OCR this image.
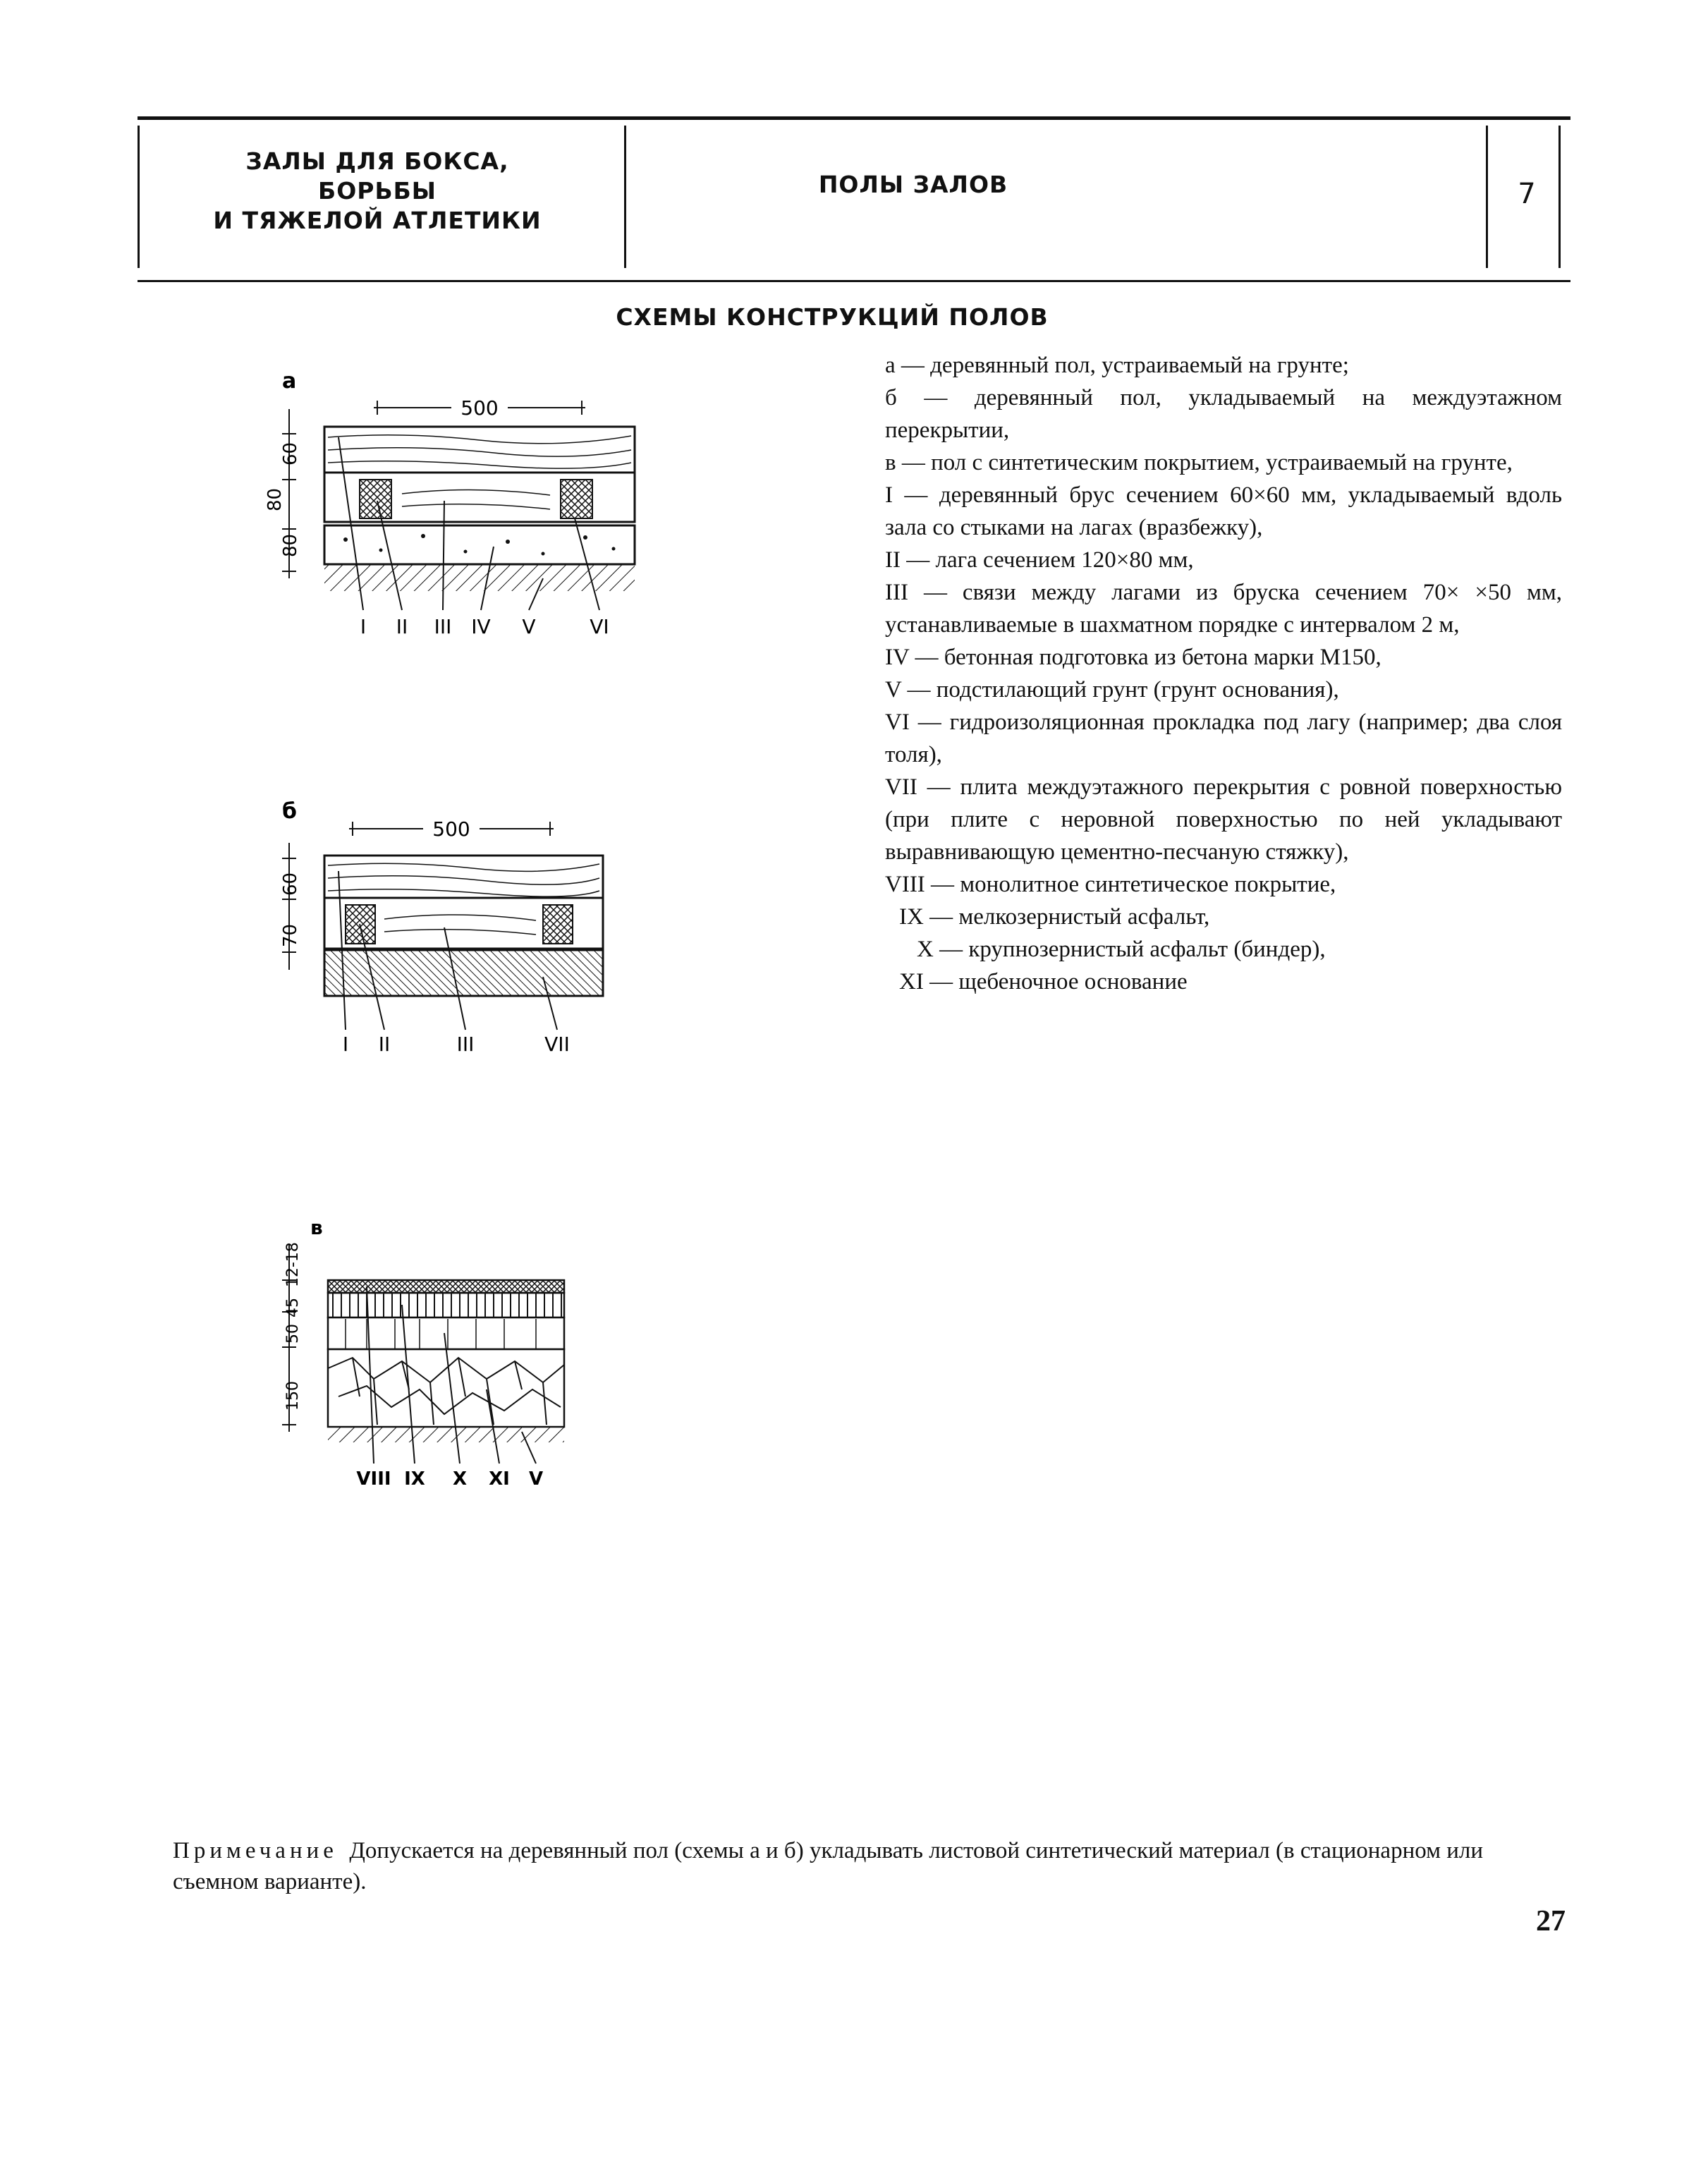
ЗАЛЫ ДЛЯ БОКСА,
БОРЬБЫ
И ТЯЖЕЛОЙ АТЛЕТИКИ
ПОЛЫ ЗАЛОВ	7
СХЕМЫ КОНСТРУКЦИЙ ПОЛОВ
а
500
60
80
80
I II III IV V	VI
б
500
60
70
I II	III	VII
в
12-18
45
50
150
VIII IX X XI V

а — деревянный пол, устраиваемый на грунте;

б — деревянный пол, укладываемый на междуэтажном перекрытии,

в — пол с синтетическим покрытием, устраиваемый на грунте,

I — деревянный брус сечением 60×60 мм, укладываемый вдоль зала со стыками на лагах (вразбежку),

II — лага сечением 120×80 мм,

III — связи между лагами из бруска сечением 70× ×50 мм, устанавливаемые в шахматном порядке с интервалом 2 м,

IV — бетонная подготовка из бетона марки М150,

V — подстилающий грунт (грунт основания),

VI — гидроизоляционная прокладка под лагу (например; два слоя толя),

VII — плита междуэтажного перекрытия с ровной поверхностью (при плите с неровной поверхностью по ней укладывают выравнивающую цементно-песчаную стяжку),

VIII — монолитное синтетическое покрытие,

IX — мелкозернистый асфальт,

X — крупнозернистый асфальт (биндер),

XI — щебеночное основание

Примечание Допускается на деревянный пол (схемы а и б) укладывать листовой синтетический материал (в стационарном или съемном варианте).
27
